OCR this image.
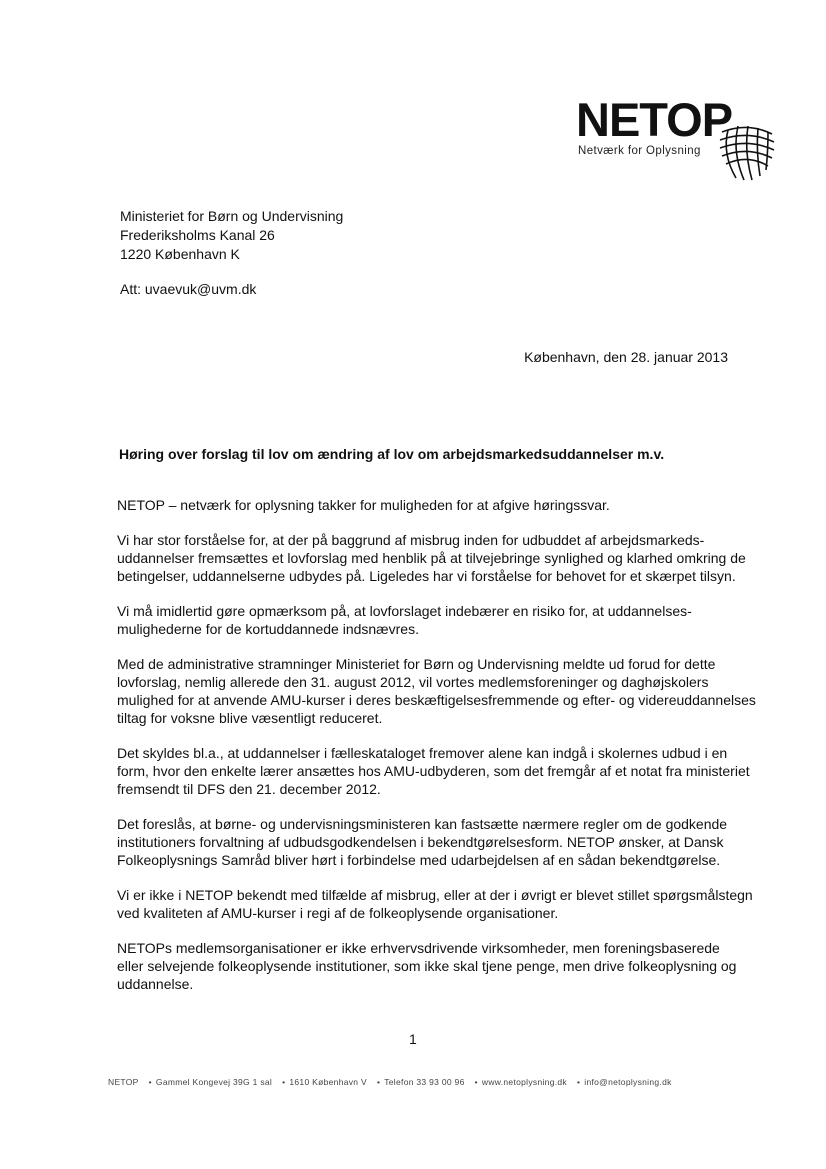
NETOP
Netværk for Oplysning
Ministeriet for Børn og Undervisning
Frederiksholms Kanal 26
1220 København K
Att: uvaevuk@uvm.dk
København, den 28. januar 2013
Høring over forslag til lov om ændring af lov om arbejdsmarkedsuddannelser m.v.

NETOP – netværk for oplysning takker for muligheden for at afgive høringssvar.

Vi har stor forståelse for, at der på baggrund af misbrug inden for udbuddet af arbejdsmarkeds-
uddannelser fremsættes et lovforslag med henblik på at tilvejebringe synlighed og klarhed omkring de
betingelser, uddannelserne udbydes på. Ligeledes har vi forståelse for behovet for et skærpet tilsyn.

Vi må imidlertid gøre opmærksom på, at lovforslaget indebærer en risiko for, at uddannelses-
mulighederne for de kortuddannede indsnævres.

Med de administrative stramninger Ministeriet for Børn og Undervisning meldte ud forud for dette
lovforslag, nemlig allerede den 31. august 2012, vil vortes medlemsforeninger og daghøjskolers
mulighed for at anvende AMU-kurser i deres beskæftigelsesfremmende og efter- og videreuddannelses
tiltag for voksne blive væsentligt reduceret.

Det skyldes bl.a., at uddannelser i fælleskataloget fremover alene kan indgå i skolernes udbud i en
form, hvor den enkelte lærer ansættes hos AMU-udbyderen, som det fremgår af et notat fra ministeriet
fremsendt til DFS den 21. december 2012.

Det foreslås, at børne- og undervisningsministeren kan fastsætte nærmere regler om de godkende
institutioners forvaltning af udbudsgodkendelsen i bekendtgørelsesform. NETOP ønsker, at Dansk
Folkeoplysnings Samråd bliver hørt i forbindelse med udarbejdelsen af en sådan bekendtgørelse.

Vi er ikke i NETOP bekendt med tilfælde af misbrug, eller at der i øvrigt er blevet stillet spørgsmålstegn
ved kvaliteten af AMU-kurser i regi af de folkeoplysende organisationer.

NETOPs medlemsorganisationer er ikke erhvervsdrivende virksomheder, men foreningsbaserede
eller selvejende folkeoplysende institutioner, som ikke skal tjene penge, men drive folkeoplysning og
uddannelse.

1
NETOP • Gammel Kongevej 39G 1 sal • 1610 København V • Telefon 33 93 00 96 • www.netoplysning.dk • info@netoplysning.dk
